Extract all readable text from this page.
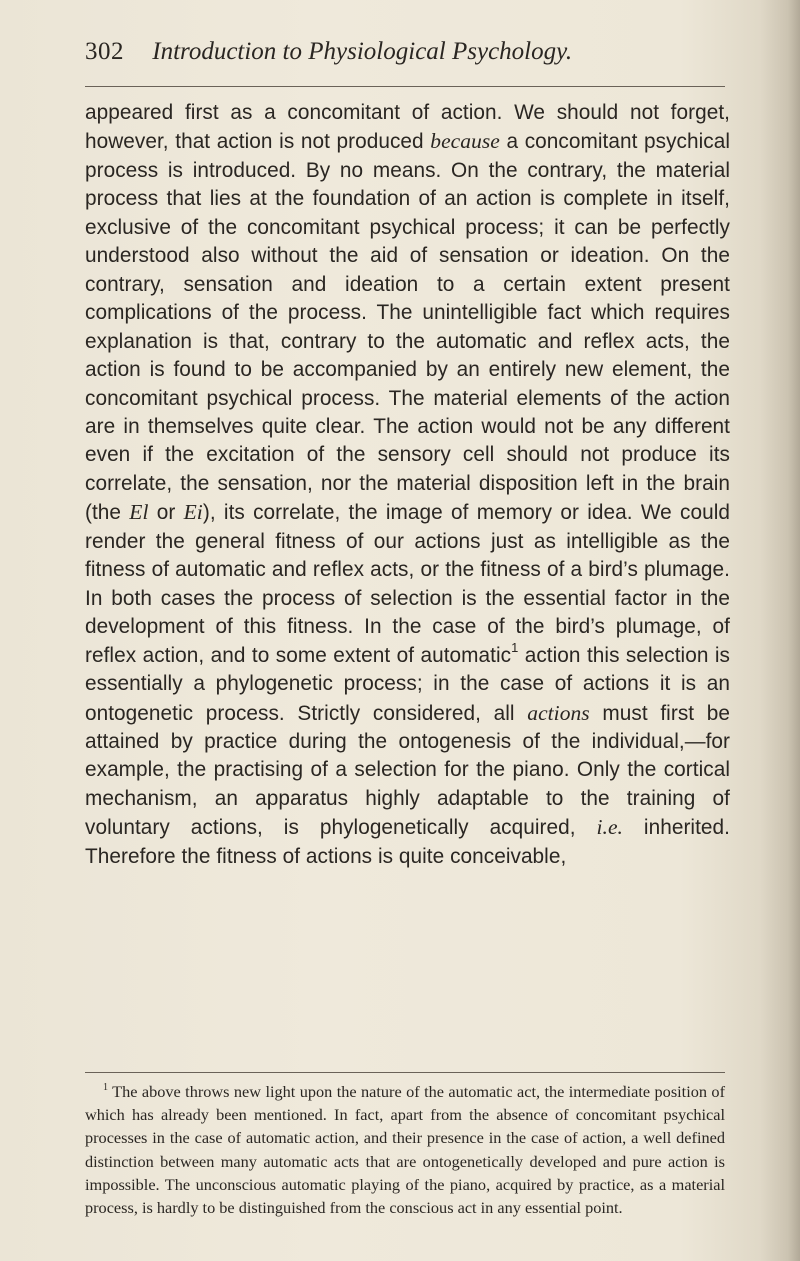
302 Introduction to Physiological Psychology.

appeared first as a concomitant of action. We should not forget, however, that action is not produced because a concomitant psychical process is introduced. By no means. On the contrary, the material process that lies at the foundation of an action is complete in itself, exclusive of the concomitant psychical process; it can be perfectly understood also without the aid of sensation or ideation. On the contrary, sensation and ideation to a certain extent present complications of the process. The unintelligible fact which requires explanation is that, contrary to the automatic and reflex acts, the action is found to be accompanied by an entirely new element, the concomitant psychical process. The material elements of the action are in themselves quite clear. The action would not be any different even if the excitation of the sensory cell should not produce its correlate, the sensation, nor the material disposition left in the brain (the El or Ei), its correlate, the image of memory or idea. We could render the general fitness of our actions just as intelligible as the fitness of automatic and reflex acts, or the fitness of a bird’s plumage. In both cases the process of selection is the essential factor in the development of this fitness. In the case of the bird’s plumage, of reflex action, and to some extent of automatic$^1$ action this selection is essentially a phylogenetic process; in the case of actions it is an ontogenetic process. Strictly considered, all actions must first be attained by practice during the ontogenesis of the individual,—for example, the practising of a selection for the piano. Only the cortical mechanism, an apparatus highly adaptable to the training of voluntary actions, is phylogenetically acquired, i.e. inherited. Therefore the fitness of actions is quite conceivable,

$^1$ The above throws new light upon the nature of the automatic act, the intermediate position of which has already been mentioned. In fact, apart from the absence of concomitant psychical processes in the case of automatic action, and their presence in the case of action, a well defined distinction between many automatic acts that are ontogenetically developed and pure action is impossible. The unconscious automatic playing of the piano, acquired by practice, as a material process, is hardly to be distinguished from the conscious act in any essential point.
